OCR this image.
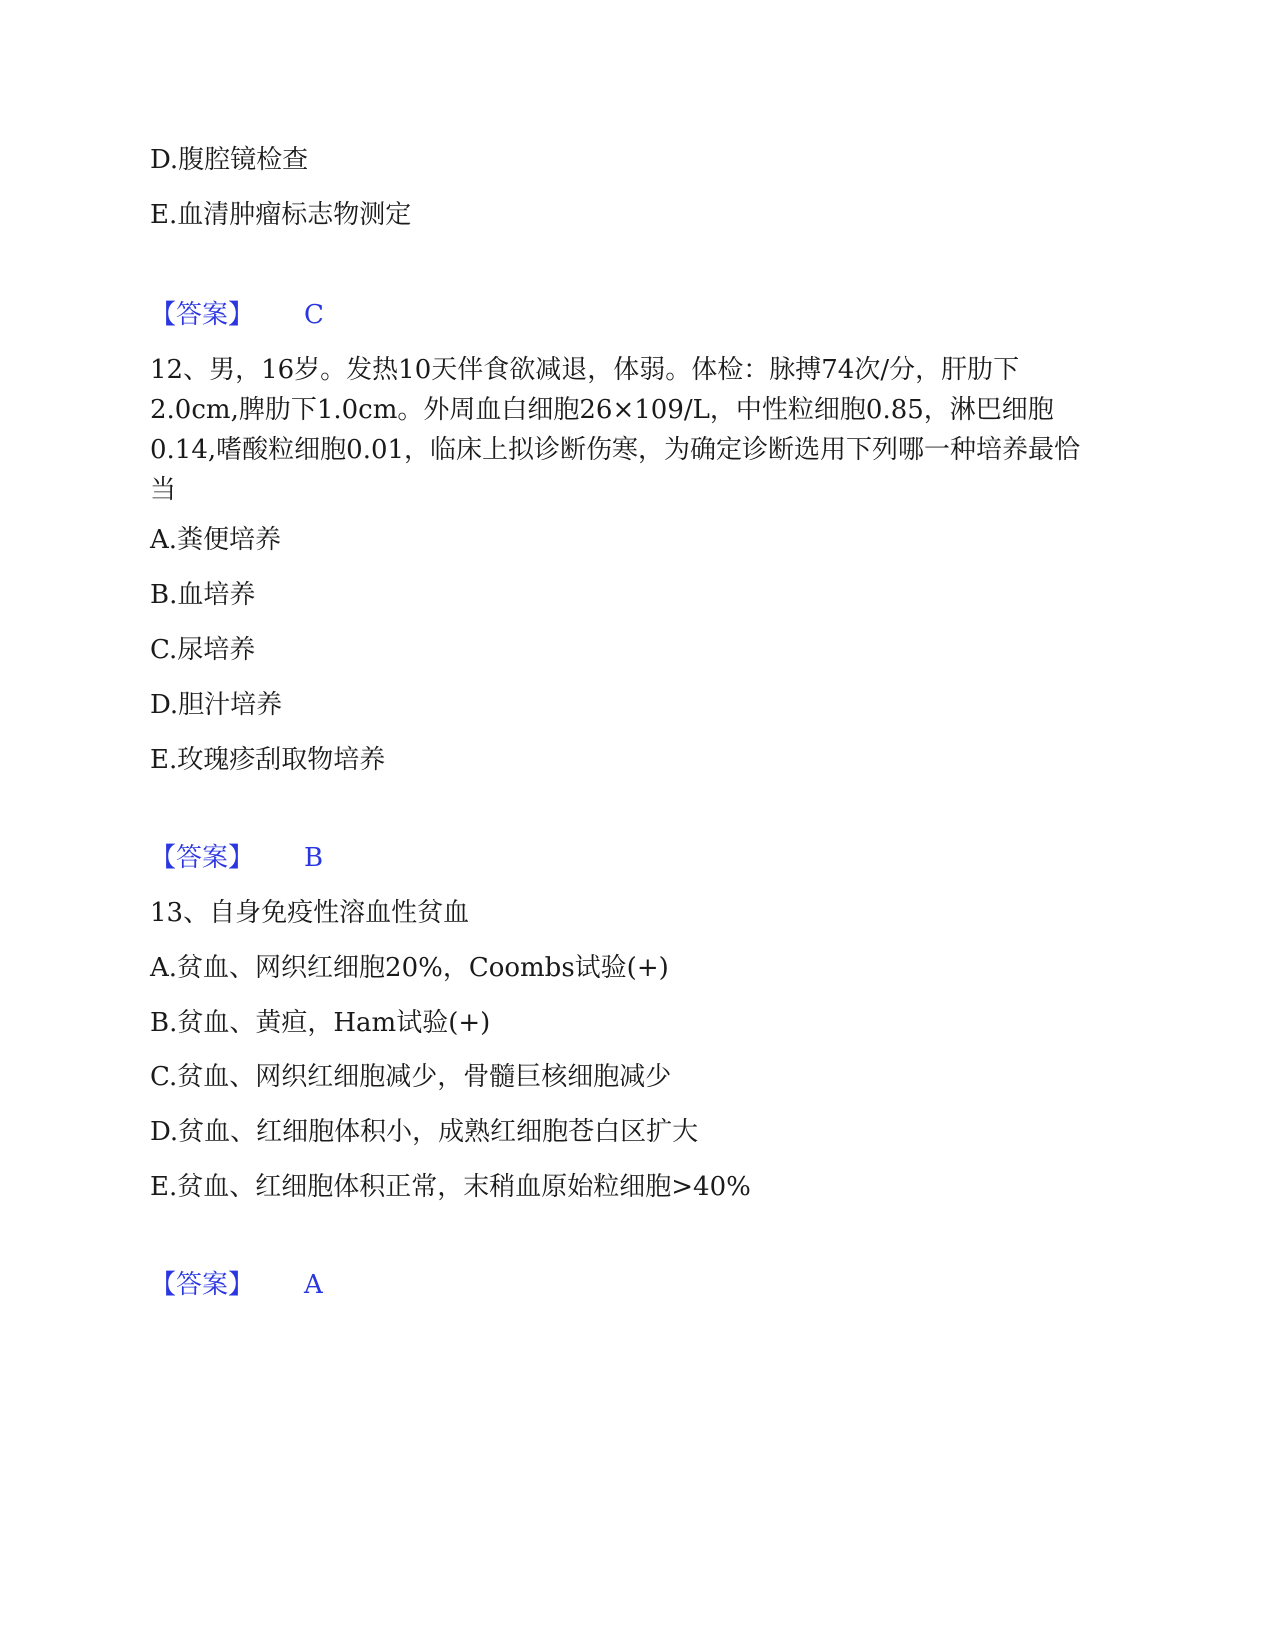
D.腹腔镜检查
E.血清肿瘤标志物测定
【答案】 C
12、男，16岁。发热10天伴食欲减退，体弱。体检：脉搏74次/分，肝肋下2.0cm,脾肋下1.0cm。外周血白细胞26×109/L，中性粒细胞0.85，淋巴细胞0.14,嗜酸粒细胞0.01，临床上拟诊断伤寒，为确定诊断选用下列哪一种培养最恰当
A.粪便培养
B.血培养
C.尿培养
D.胆汁培养
E.玫瑰疹刮取物培养
【答案】 B
13、自身免疫性溶血性贫血
A.贫血、网织红细胞20%，Coombs试验(+)
B.贫血、黄疸，Ham试验(+)
C.贫血、网织红细胞减少，骨髓巨核细胞减少
D.贫血、红细胞体积小，成熟红细胞苍白区扩大
E.贫血、红细胞体积正常，末稍血原始粒细胞>40%
【答案】 A
